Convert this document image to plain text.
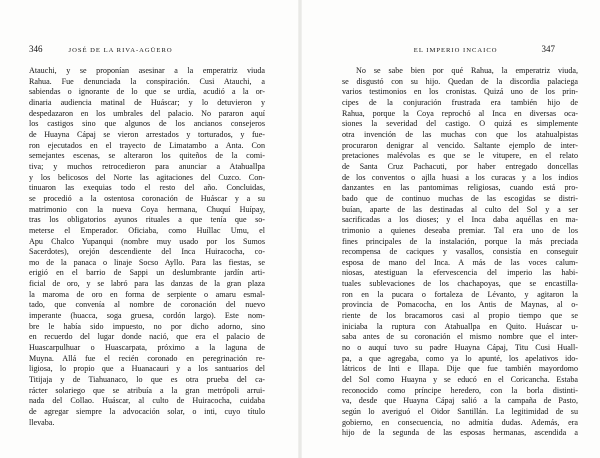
346	JOSÉ DE LA RIVA-AGÜERO
Atauchi, y se proponían asesinar a la emperatriz viuda
Rahua. Fue denunciada la conspiración. Cusi Atauchi, a
sabiendas o ignorante de lo que se urdía, acudió a la or-
dinaria audiencia matinal de Huáscar; y lo detuvieron y
despedazaron en los umbrales del palacio. No pararon aquí
los castigos sino que algunos de los ancianos consejeros
de Huayna Cápaj se vieron arrestados y torturados, y fue-
ron ejecutados en el trayecto de Limatambo a Anta. Con
semejantes escenas, se alteraron los quiteños de la comi-
tiva; y muchos retrocedieron para anunciar a Atahuallpa
y los belicosos del Norte las agitaciones del Cuzco. Con-
tinuaron las exequias todo el resto del año. Concluidas,
se procedió a la ostentosa coronación de Huáscar y a su
matrimonio con la nueva Coya hermana, Chuquí Huípay,
tras los obligatorios ayunos rituales a que tenía que so-
meterse el Emperador. Oficiaba, como Huíllac Umu, el
Apu Chalco Yupanqui (nombre muy usado por los Sumos
Sacerdotes), orejón descendiente del Inca Huiracocha, co-
mo de la panaca o linaje Socso Ayllo. Para las fiestas, se
erigió en el barrio de Sappi un deslumbrante jardín arti-
ficial de oro, y se labró para las danzas de la gran plaza
la maroma de oro en forma de serpiente o amaru esmal-
tado, que convenía al nombre de coronación del nuevo
imperante (huacca, soga gruesa, cordón largo). Este nom-
bre le había sido impuesto, no por dicho adorno, sino
en recuerdo del lugar donde nació, que era el palacio de
Huascarpulhuar o Huascarpata, próximo a la laguna de
Muyna. Allá fue el recién coronado en peregrinación re-
ligiosa, lo propio que a Huanacauri y a los santuarios del
Titijaja y de Tiahuanaco, lo que es otra prueba del ca-
rácter solariego que se atribuía a la gran metrópoli arrui-
nada del Collao. Huáscar, al culto de Huiracocha, cuidaba
de agregar siempre la advocación solar, o inti, cuyo título
llevaba.
EL IMPERIO INCAICO	347
No se sabe bien por qué Rahua, la emperatriz viuda,
se disgustó con su hijo. Quedan de la discordia palaciega
varios testimonios en los cronistas. Quizá uno de los prin-
cipes de la conjuración frustrada era también hijo de
Rahua, porque la Coya reprochó al Inca en diversas oca-
siones la severidad del castigo. O quizá es simplemente
otra invención de las muchas con que los atahualpistas
procuraron denigrar al vencido. Saltante ejemplo de inter-
pretaciones malévolas es que se le vitupere, en el relato
de Santa Cruz Pachacuti, por haber entregado doncellas
de los conventos o ajlla huasi a los curacas y a los indios
danzantes en las pantomimas religiosas, cuando está pro-
bado que de continuo muchas de las escogidas se distri-
buían, aparte de las destinadas al culto del Sol y a ser
sacrificadas a los dioses; y el Inca daba aquéllas en ma-
trimonio a quienes deseaba premiar. Tal era uno de los
fines principales de la instalación, porque la más preciada
recompensa de caciques y vasallos, consistía en conseguir
esposa de mano del Inca. A más de las voces calum-
niosas, atestiguan la efervescencia del imperio las habi-
tuales sublevaciones de los chachapoyas, que se encastilla-
ron en la pucara o fortaleza de Lévanto, y agitaron la
provincia de Pomacocha, en los Antis de Maynas, al o-
riente de los bracamoros casi al propio tiempo que se
iniciaba la ruptura con Atahuallpa en Quito. Huáscar u-
saba antes de su coronación el mismo nombre que el inter-
no o auquí tuvo su padre Huayna Cápaj, Titu Cusi Huall-
pa, a que agregaba, como ya lo apunté, los apelativos ido-
látricos de Inti e Illapa. Dije que fue también mayordomo
del Sol como Huayna y se educó en el Coricancha. Estaba
reconocido como príncipe heredero, con la borla distinti-
va, desde que Huayna Cápaj salió a la campaña de Pasto,
según lo averiguó el Oidor Santillán. La legitimidad de su
gobierno, en consecuencia, no admitía dudas. Además, era
hijo de la segunda de las esposas hermanas, ascendida a
